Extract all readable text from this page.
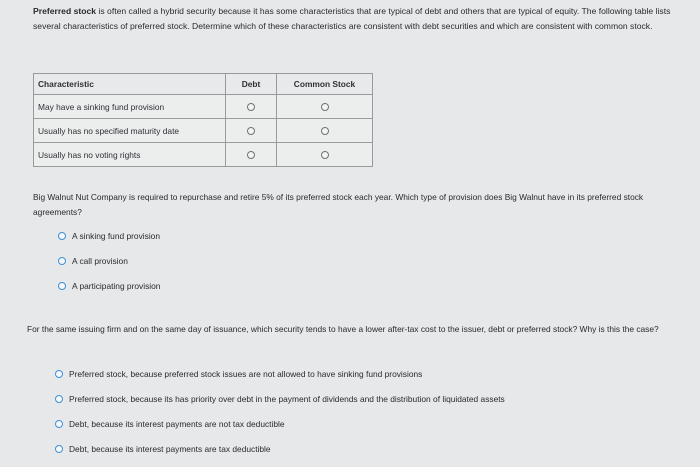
Preferred stock is often called a hybrid security because it has some characteristics that are typical of debt and others that are typical of equity. The following table lists several characteristics of preferred stock. Determine which of these characteristics are consistent with debt securities and which are consistent with common stock.
Characteristic	Debt	Common Stock
May have a sinking fund provision		
Usually has no specified maturity date		
Usually has no voting rights		
Big Walnut Nut Company is required to repurchase and retire 5% of its preferred stock each year. Which type of provision does Big Walnut have in its preferred stock agreements?
A sinking fund provision
A call provision
A participating provision
For the same issuing firm and on the same day of issuance, which security tends to have a lower after-tax cost to the issuer, debt or preferred stock? Why is this the case?
Preferred stock, because preferred stock issues are not allowed to have sinking fund provisions
Preferred stock, because its has priority over debt in the payment of dividends and the distribution of liquidated assets
Debt, because its interest payments are not tax deductible
Debt, because its interest payments are tax deductible
